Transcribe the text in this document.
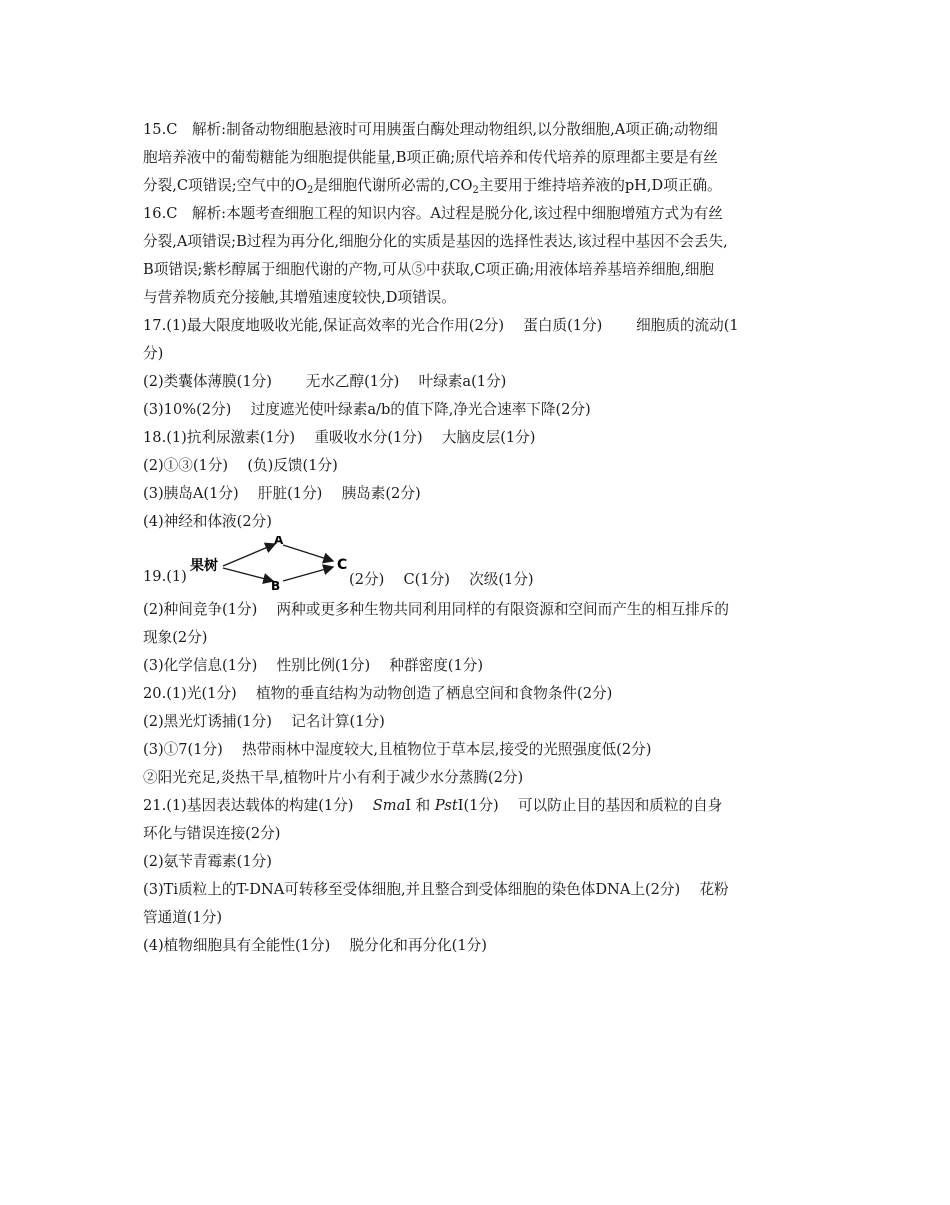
15.C　解析:制备动物细胞悬液时可用胰蛋白酶处理动物组织,以分散细胞,A项正确;动物细
胞培养液中的葡萄糖能为细胞提供能量,B项正确;原代培养和传代培养的原理都主要是有丝
分裂,C项错误;空气中的$O_2$是细胞代谢所必需的$,CO_2$主要用于维持培养液的pH,D项正确。
16.C　解析:本题考查细胞工程的知识内容。A过程是脱分化,该过程中细胞增殖方式为有丝
分裂,A项错误;B过程为再分化,细胞分化的实质是基因的选择性表达,该过程中基因不会丢失,
B项错误;紫杉醇属于细胞代谢的产物,可从⑤中获取,C项正确;用液体培养基培养细胞,细胞
与营养物质充分接触,其增殖速度较快,D项错误。
17.(1)最大限度地吸收光能,保证高效率的光合作用(2分)　 蛋白质(1分)　 　细胞质的流动(1
分)
(2)类囊体薄膜(1分)　 　无水乙醇(1分)　 叶绿素a(1分)
(3)10%(2分)　 过度遮光使叶绿素a/b的值下降,净光合速率下降(2分)
18.(1)抗利尿激素(1分)　 重吸收水分(1分)　 大脑皮层(1分)
(2)①③(1分)　 (负)反馈(1分)
(3)胰岛A(1分)　 肝脏(1分)　 胰岛素(2分)
(4)神经和体液(2分)
19.(1)
果树
A
B
C
(2分)　 C(1分)　 次级(1分)
(2)种间竞争(1分)　 两种或更多种生物共同利用同样的有限资源和空间而产生的相互排斥的
现象(2分)
(3)化学信息(1分)　 性别比例(1分)　 种群密度(1分)
20.(1)光(1分)　 植物的垂直结构为动物创造了栖息空间和食物条件(2分)
(2)黑光灯诱捕(1分)　 记名计算(1分)
(3)①7(1分)　 热带雨林中湿度较大,且植物位于草本层,接受的光照强度低(2分)
②阳光充足,炎热干旱,植物叶片小有利于减少水分蒸腾(2分)
21.(1)基因表达载体的构建(1分)　 SmaⅠ 和 PstⅠ(1分)　 可以防止目的基因和质粒的自身
环化与错误连接(2分)
(2)氨苄青霉素(1分)
(3)Ti质粒上的T-DNA可转移至受体细胞,并且整合到受体细胞的染色体DNA上(2分)　 花粉
管通道(1分)
(4)植物细胞具有全能性(1分)　 脱分化和再分化(1分)
